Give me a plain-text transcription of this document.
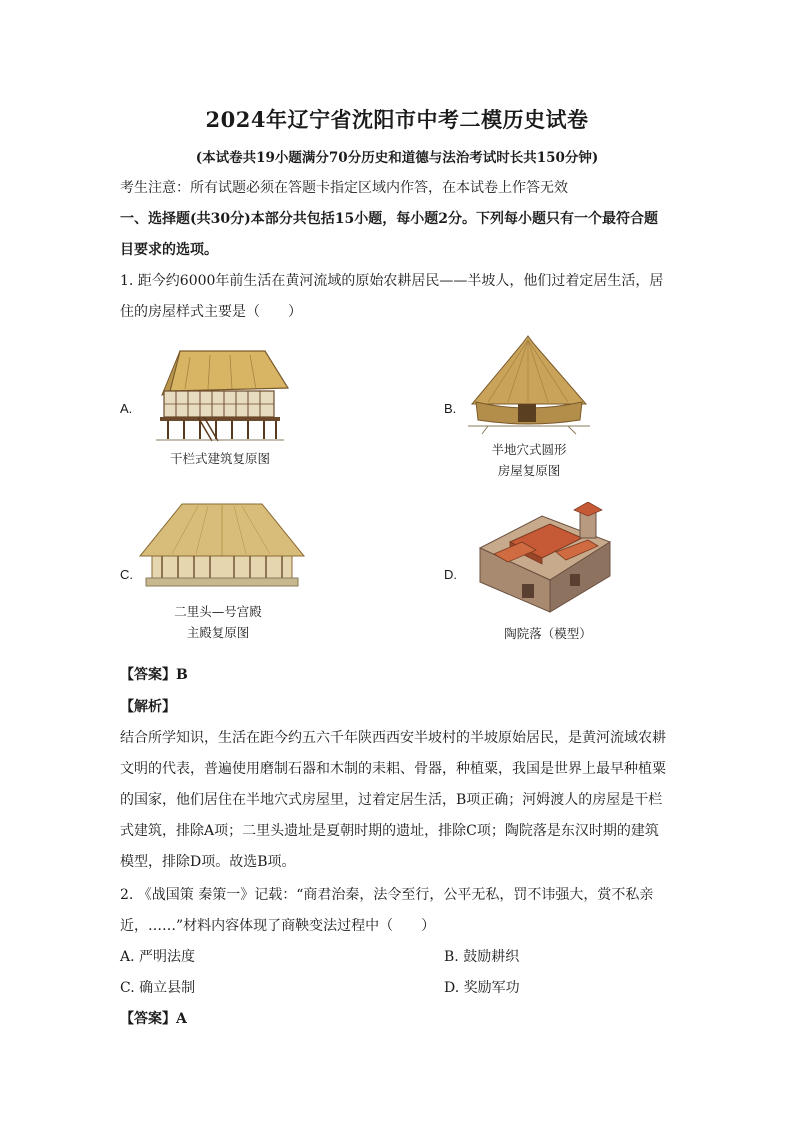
2024年辽宁省沈阳市中考二模历史试卷
(本试卷共19小题满分70分历史和道德与法治考试时长共150分钟)
考生注意：所有试题必须在答题卡指定区域内作答，在本试卷上作答无效
一、选择题(共30分)本部分共包括15小题，每小题2分。下列每小题只有一个最符合题
目要求的选项。
1. 距今约6000年前生活在黄河流域的原始农耕居民——半坡人，他们过着定居生活，居
住的房屋样式主要是（　　）
A.
干栏式建筑复原图
B.
半地穴式圆形
房屋复原图
C.
二里头—号宫殿
主殿复原图
D.
陶院落（模型）
【答案】B
【解析】
结合所学知识，生活在距今约五六千年陕西西安半坡村的半坡原始居民，是黄河流域农耕
文明的代表，普遍使用磨制石器和木制的耒耜、骨器，种植粟，我国是世界上最早种植粟
的国家，他们居住在半地穴式房屋里，过着定居生活，B项正确；河姆渡人的房屋是干栏
式建筑，排除A项；二里头遗址是夏朝时期的遗址，排除C项；陶院落是东汉时期的建筑
模型，排除D项。故选B项。
2. 《战国策 秦策一》记载：“商君治秦，法令至行，公平无私，罚不讳强大，赏不私亲
近，……”材料内容体现了商鞅变法过程中（　　）
A. 严明法度	B. 鼓励耕织
C. 确立县制	D. 奖励军功
【答案】A
